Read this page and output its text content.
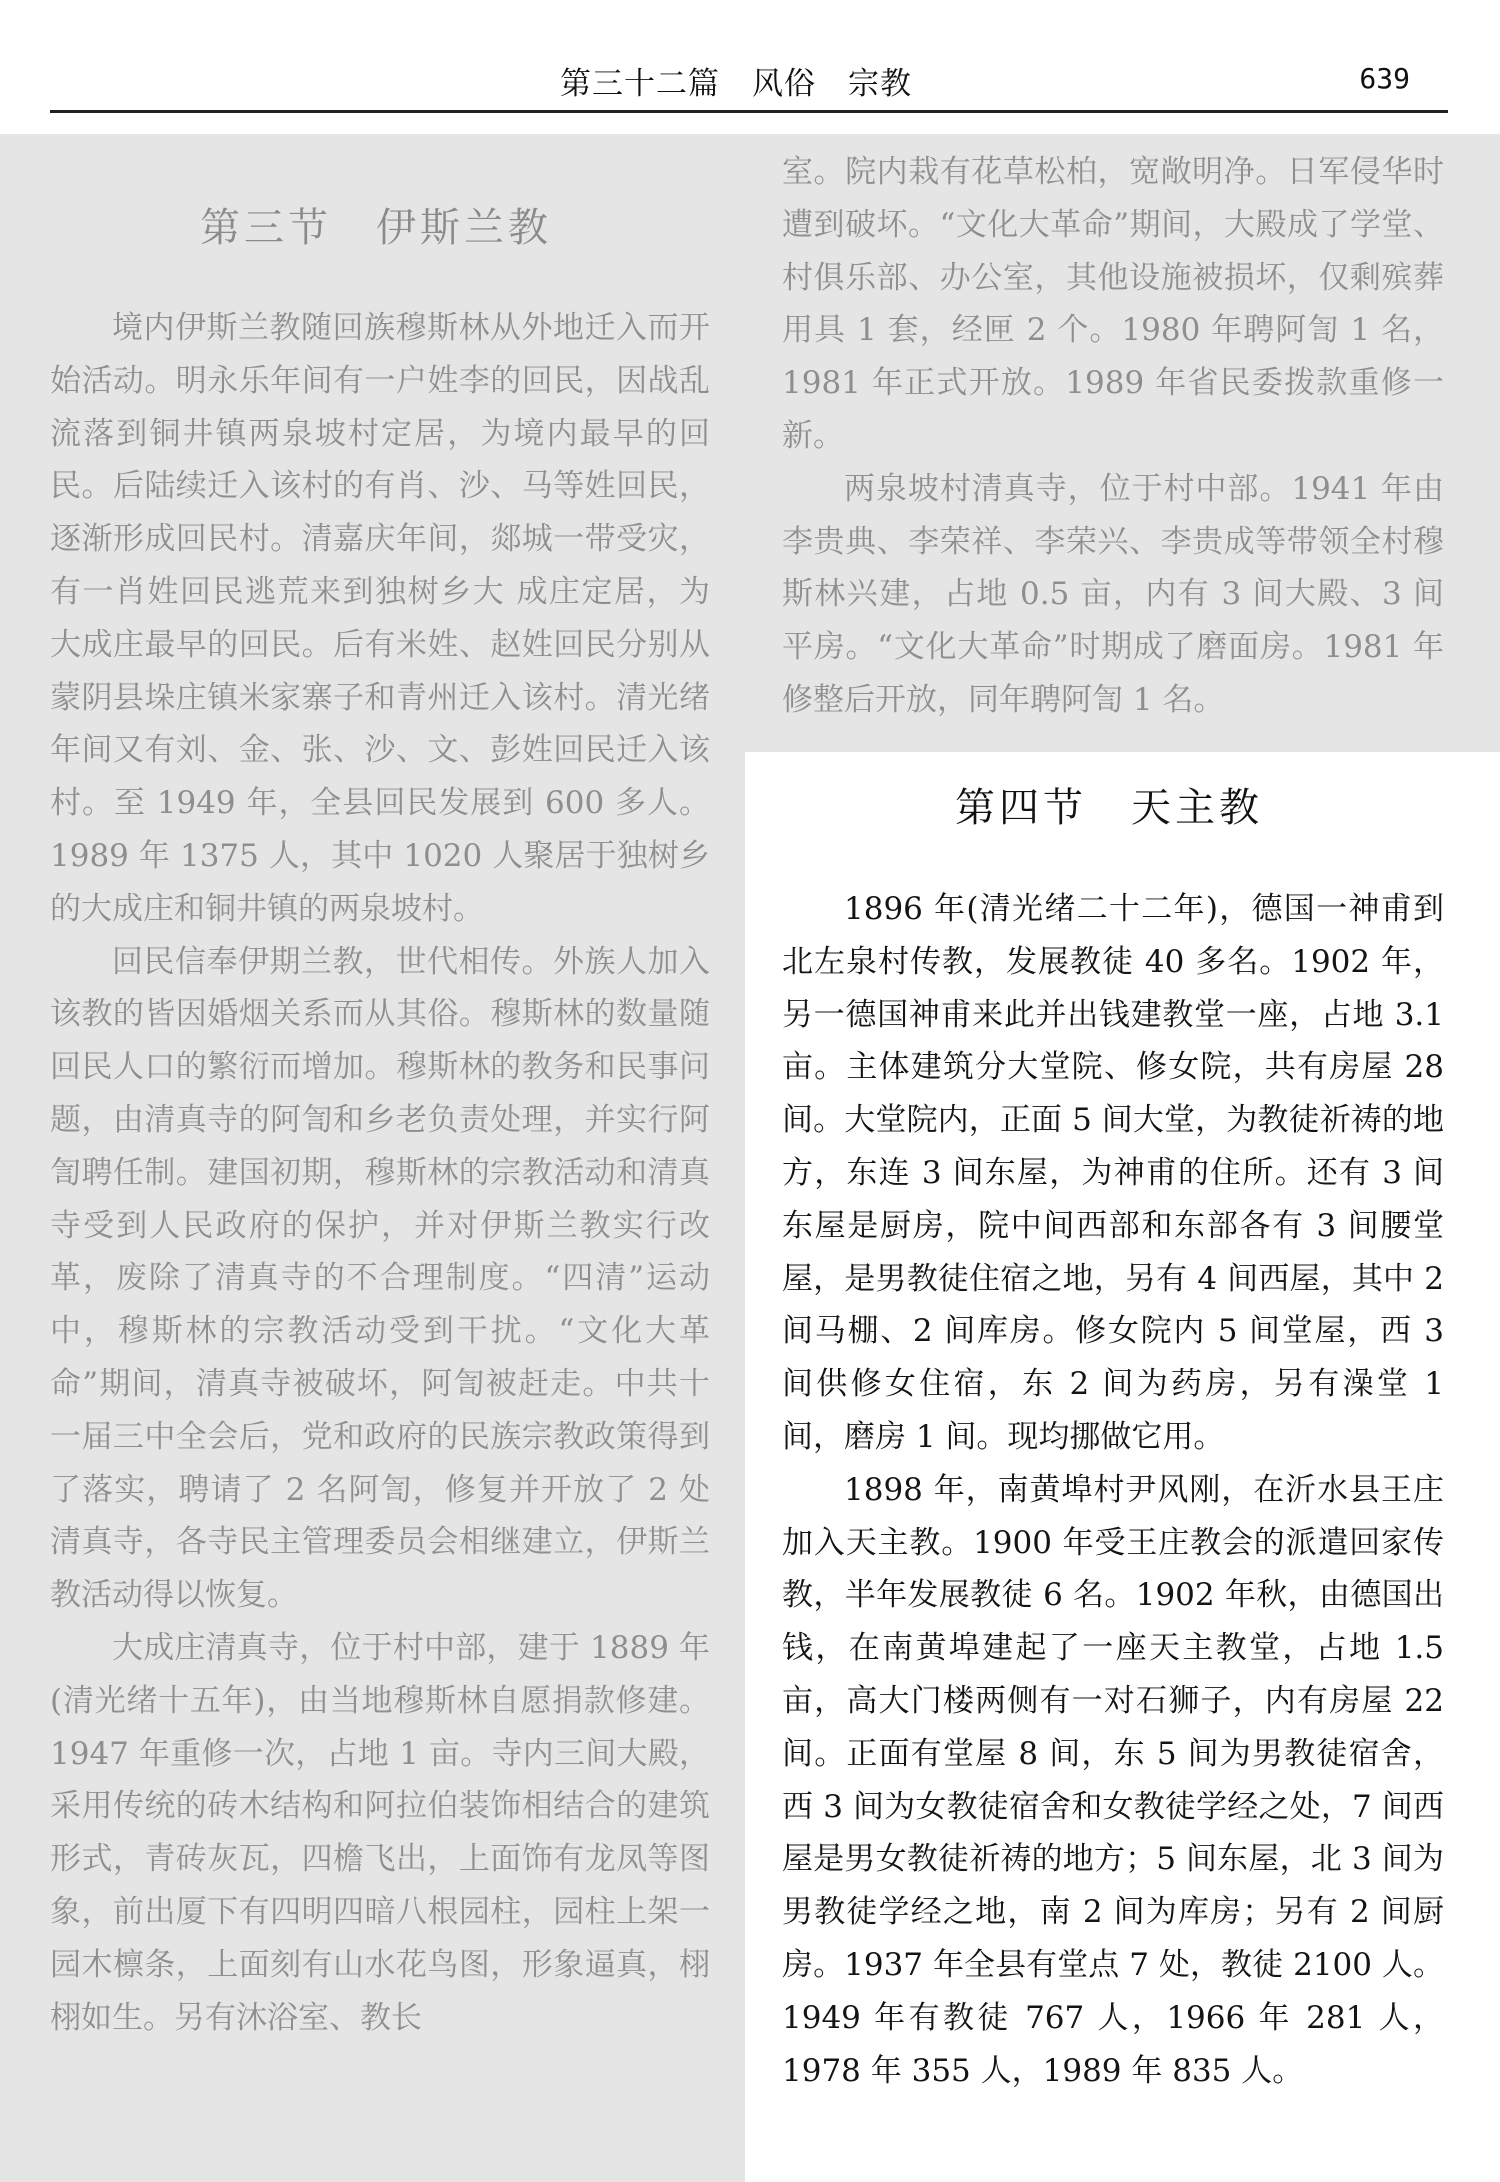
第三十二篇　风俗　宗教	639
第三节　伊斯兰教

境内伊斯兰教随回族穆斯林从外地迁入而开始活动。明永乐年间有一户姓李的回民，因战乱流落到铜井镇两泉坡村定居，为境内最早的回民。后陆续迁入该村的有肖、沙、马等姓回民，逐渐形成回民村。清嘉庆年间，郯城一带受灾，有一肖姓回民逃荒来到独树乡大 成庄定居，为大成庄最早的回民。后有米姓、赵姓回民分别从蒙阴县垛庄镇米家寨子和青州迁入该村。清光绪年间又有刘、金、张、沙、文、彭姓回民迁入该村。至 1949 年，全县回民发展到 600 多人。1989 年 1375 人，其中 1020 人聚居于独树乡的大成庄和铜井镇的两泉坡村。

回民信奉伊期兰教，世代相传。外族人加入该教的皆因婚烟关系而从其俗。穆斯林的数量随回民人口的繁衍而增加。穆斯林的教务和民事问题，由清真寺的阿訇和乡老负责处理，并实行阿訇聘任制。建国初期，穆斯林的宗教活动和清真寺受到人民政府的保护，并对伊斯兰教实行改革，废除了清真寺的不合理制度。“四清”运动中，穆斯林的宗教活动受到干扰。“文化大革命”期间，清真寺被破坏，阿訇被赶走。中共十一届三中全会后，党和政府的民族宗教政策得到了落实，聘请了 2 名阿訇，修复并开放了 2 处清真寺，各寺民主管理委员会相继建立，伊斯兰教活动得以恢复。

大成庄清真寺，位于村中部，建于 1889 年(清光绪十五年)，由当地穆斯林自愿捐款修建。1947 年重修一次，占地 1 亩。寺内三间大殿，采用传统的砖木结构和阿拉伯装饰相结合的建筑形式，青砖灰瓦，四檐飞出，上面饰有龙凤等图象，前出厦下有四明四暗八根园柱，园柱上架一园木檩条，上面刻有山水花鸟图，形象逼真，栩栩如生。另有沐浴室、教长

室。院内栽有花草松柏，宽敞明净。日军侵华时遭到破坏。“文化大革命”期间，大殿成了学堂、村俱乐部、办公室，其他设施被损坏，仅剩殡葬用具 1 套，经匣 2 个。1980 年聘阿訇 1 名，1981 年正式开放。1989 年省民委拨款重修一新。

两泉坡村清真寺，位于村中部。1941 年由李贵典、李荣祥、李荣兴、李贵成等带领全村穆斯林兴建，占地 0.5 亩，内有 3 间大殿、3 间平房。“文化大革命”时期成了磨面房。1981 年修整后开放，同年聘阿訇 1 名。

第四节　天主教

1896 年(清光绪二十二年)，德国一神甫到北左泉村传教，发展教徒 40 多名。1902 年，另一德国神甫来此并出钱建教堂一座，占地 3.1 亩。主体建筑分大堂院、修女院，共有房屋 28 间。大堂院内，正面 5 间大堂，为教徒祈祷的地方，东连 3 间东屋，为神甫的住所。还有 3 间东屋是厨房，院中间西部和东部各有 3 间腰堂屋，是男教徒住宿之地，另有 4 间西屋，其中 2 间马棚、2 间库房。修女院内 5 间堂屋，西 3 间供修女住宿，东 2 间为药房，另有澡堂 1 间，磨房 1 间。现均挪做它用。

1898 年，南黄埠村尹风刚，在沂水县王庄加入天主教。1900 年受王庄教会的派遣回家传教，半年发展教徒 6 名。1902 年秋，由德国出钱，在南黄埠建起了一座天主教堂，占地 1.5 亩，高大门楼两侧有一对石狮子，内有房屋 22 间。正面有堂屋 8 间，东 5 间为男教徒宿舍，西 3 间为女教徒宿舍和女教徒学经之处，7 间西屋是男女教徒祈祷的地方；5 间东屋，北 3 间为男教徒学经之地，南 2 间为库房；另有 2 间厨房。1937 年全县有堂点 7 处，教徒 2100 人。1949 年有教徒 767 人，1966 年 281 人，1978 年 355 人，1989 年 835 人。
